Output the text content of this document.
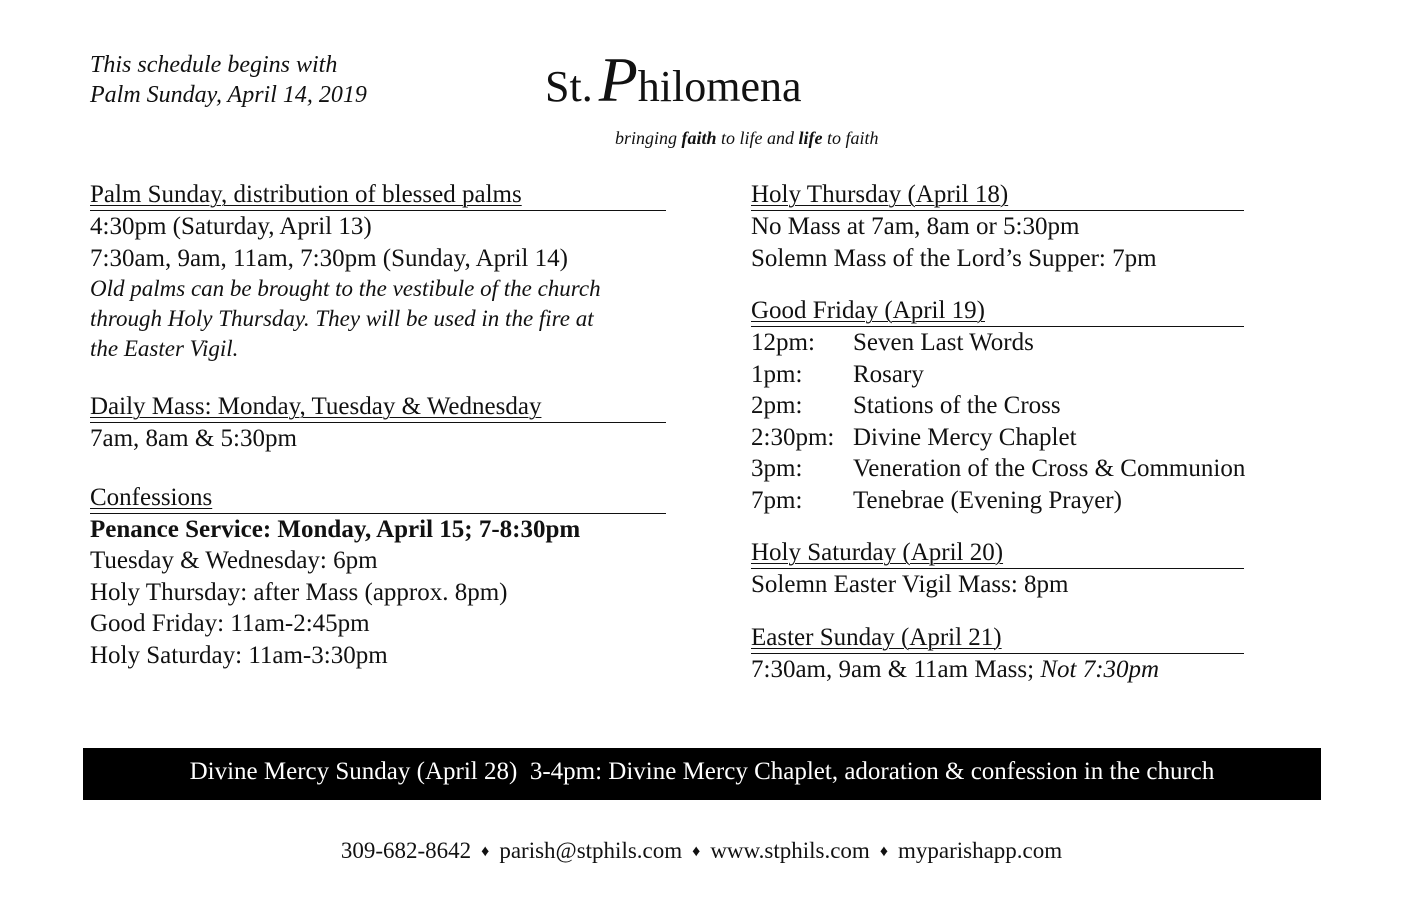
This schedule begins with
Palm Sunday, April 14, 2019	St.Philomena
bringing faith to life and life to faith
Palm Sunday, distribution of blessed palms
4:30pm (Saturday, April 13)
7:30am, 9am, 11am, 7:30pm (Sunday, April 14)
Old palms can be brought to the vestibule of the church
through Holy Thursday. They will be used in the fire at
the Easter Vigil.
Daily Mass: Monday, Tuesday & Wednesday
7am, 8am & 5:30pm
Confessions
Penance Service: Monday, April 15; 7-8:30pm
Tuesday & Wednesday: 6pm
Holy Thursday: after Mass (approx. 8pm)
Good Friday: 11am-2:45pm
Holy Saturday: 11am-3:30pm
Holy Thursday (April 18)
No Mass at 7am, 8am or 5:30pm
Solemn Mass of the Lord’s Supper: 7pm
Good Friday (April 19)
12pm:	Seven Last Words
1pm:	Rosary
2pm:	Stations of the Cross
2:30pm: Divine Mercy Chaplet
3pm:	Veneration of the Cross & Communion
7pm:	Tenebrae (Evening Prayer)
Holy Saturday (April 20)
Solemn Easter Vigil Mass: 8pm
Easter Sunday (April 21)
7:30am, 9am & 11am Mass; Not 7:30pm
Divine Mercy Sunday (April 28)  3-4pm: Divine Mercy Chaplet, adoration & confession in the church
309-682-8642 ♦ parish@stphils.com ♦ www.stphils.com ♦ myparishapp.com
